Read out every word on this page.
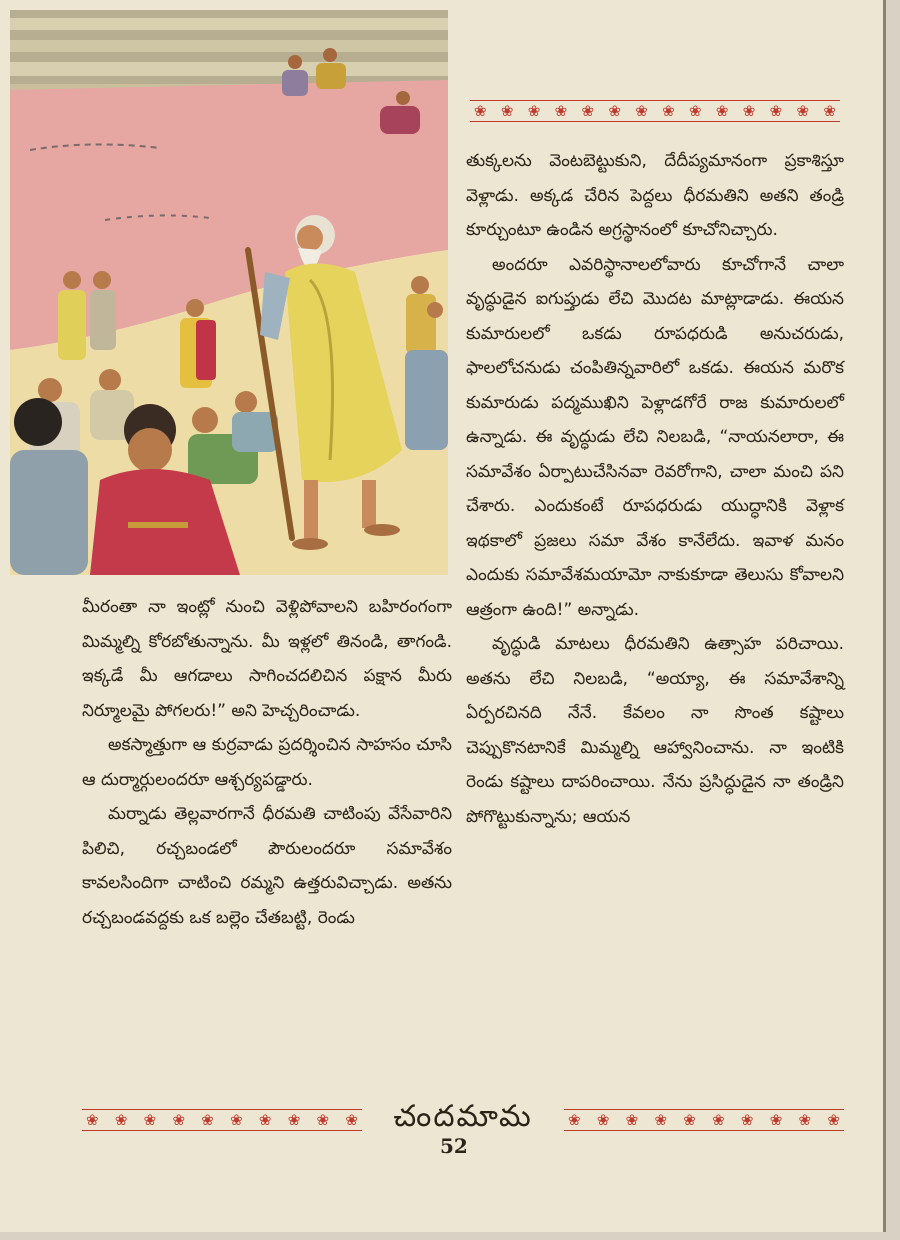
❀ ❀ ❀ ❀ ❀ ❀ ❀ ❀ ❀ ❀ ❀ ❀ ❀ ❀

తుక్కలను వెంటబెట్టుకుని, దేదీప్యమానంగా ప్రకాశిస్తూ వెళ్లాడు. అక్కడ చేరిన పెద్దలు ధీరమతిని అతని తండ్రి కూర్చుంటూ ఉండిన అగ్రస్థానంలో కూచోనిచ్చారు.

అందరూ ఎవరిస్థానాలలోవారు కూచోగానే చాలా వృద్ధుడైన ఐగుప్తుడు లేచి మొదట మాట్లాడాడు. ఈయన కుమారులలో ఒకడు రూపధరుడి అనుచరుడు, ఫాలలోచనుడు చంపితిన్నవారిలో ఒకడు. ఈయన మరొక కుమారుడు పద్మముఖిని పెళ్లాడగోరే రాజ కుమారులలో ఉన్నాడు. ఈ వృద్ధుడు లేచి నిలబడి, “నాయనలారా, ఈ సమావేశం ఏర్పాటుచేసినవా రెవరోగాని, చాలా మంచి పని చేశారు. ఎందుకంటే రూపధరుడు యుద్ధానికి వెళ్లాక ఇథకాలో ప్రజలు సమా వేశం కానేలేదు. ఇవాళ మనం ఎందుకు సమావేశమయామో నాకుకూడా తెలుసు కోవాలని ఆత్రంగా ఉంది!” అన్నాడు.

వృద్ధుడి మాటలు ధీరమతిని ఉత్సాహ పరిచాయి. అతను లేచి నిలబడి, “అయ్యా, ఈ సమావేశాన్ని ఏర్పరచినది నేనే. కేవలం నా సొంత కష్టాలు చెప్పుకొనటానికే మిమ్మల్ని ఆహ్వానించాను. నా ఇంటికి రెండు కష్టాలు దాపరించాయి. నేను ప్రసిద్ధుడైన నా తండ్రిని పోగొట్టుకున్నాను; ఆయన

మీరంతా నా ఇంట్లో నుంచి వెళ్లిపోవాలని బహిరంగంగా మిమ్మల్ని కోరబోతున్నాను. మీ ఇళ్లలో తినండి, తాగండి. ఇక్కడే మీ ఆగడాలు సాగించదలిచిన పక్షాన మీరు నిర్మూలమై పోగలరు!” అని హెచ్చరించాడు.

అకస్మాత్తుగా ఆ కుర్రవాడు ప్రదర్శించిన సాహసం చూసి ఆ దుర్మార్గులందరూ ఆశ్చర్యపడ్డారు.

మర్నాడు తెల్లవారగానే ధీరమతి చాటింపు వేసేవారిని పిలిచి, రచ్చబండలో పౌరులందరూ సమావేశం కావలసిందిగా చాటించి రమ్మని ఉత్తరువిచ్చాడు. అతను రచ్చబండవద్దకు ఒక బల్లెం చేతబట్టి, రెండు

❀ ❀ ❀ ❀ ❀ ❀ ❀ ❀ ❀ ❀ చందమామ ❀ ❀ ❀ ❀ ❀ ❀ ❀ ❀ ❀ ❀
52
